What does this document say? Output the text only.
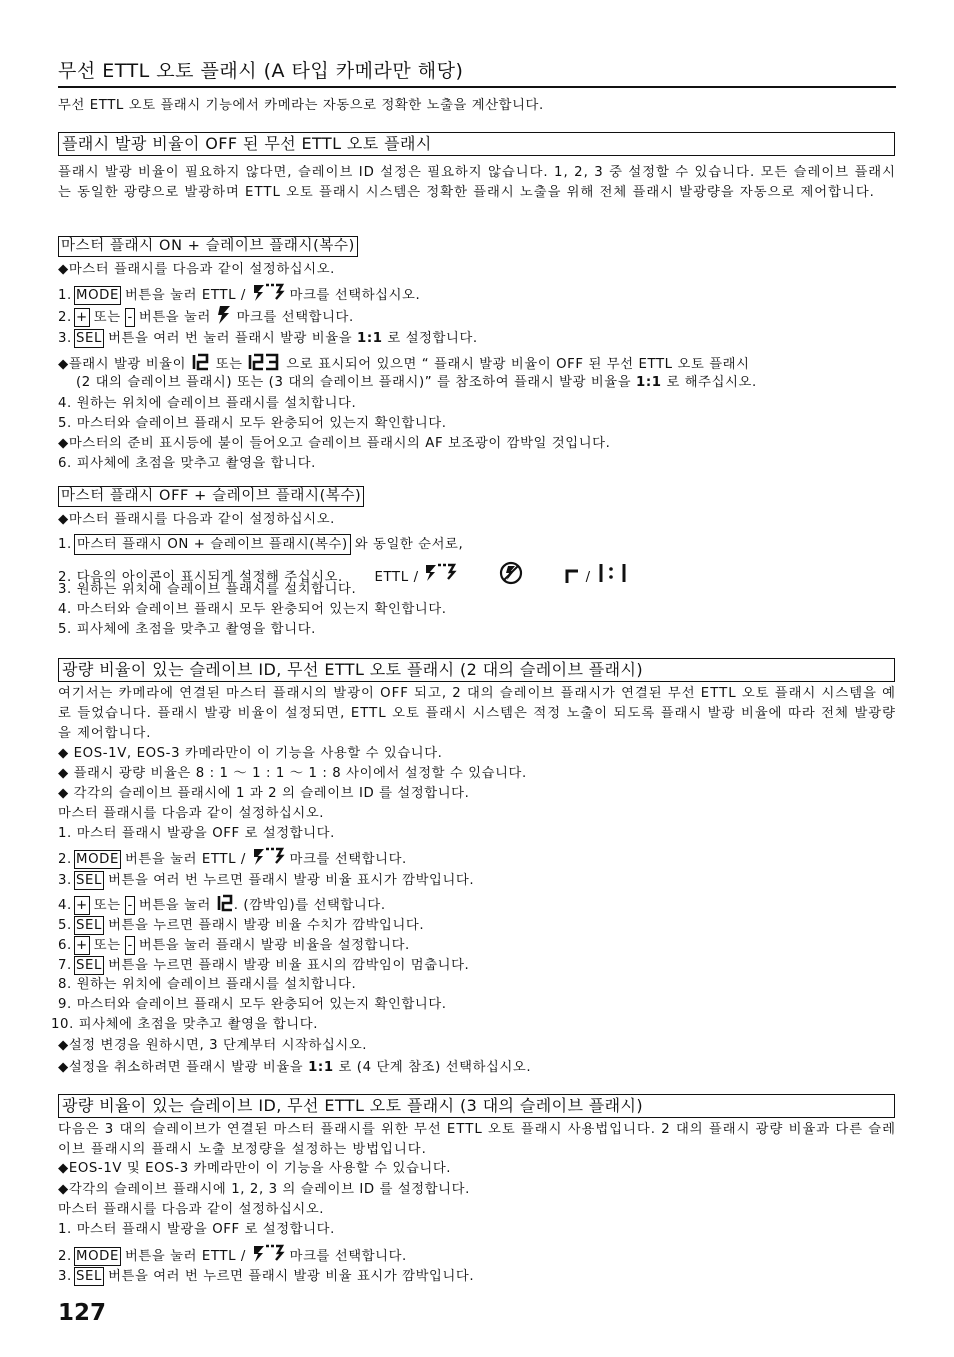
무선 ETTL 오토 플래시 (A 타입 카메라만 해당)
무선 ETTL 오토 플래시 기능에서 카메라는 자동으로 정확한 노출을 계산합니다.
플래시 발광 비율이 OFF 된 무선 ETTL 오토 플래시
플래시 발광 비율이 필요하지 않다면, 슬레이브 ID 설정은 필요하지 않습니다. 1, 2, 3 중 설정할 수 있습니다. 모든 슬레이브 플래시는 동일한 광량으로 발광하며 ETTL 오토 플래시 시스템은 정확한 플래시 노출을 위해 전체 플래시 발광량을 자동으로 제어합니다.
마스터 플래시 ON + 슬레이브 플래시(복수)
◆마스터 플래시를 다음과 같이 설정하십시오.
1. MODE 버튼을 눌러 ETTL /	마크를 선택하십시오.
2. + 또는 - 버튼을 눌러 마크를 선택합니다.
3. SEL 버튼을 여러 번 눌러 플래시 발광 비율을 1:1 로 설정합니다.
◆플래시 발광 비율이 또는	으로 표시되어 있으면 “ 플래시 발광 비율이 OFF 된 무선 ETTL 오토 플래시
(2 대의 슬레이브 플래시) 또는 (3 대의 슬레이브 플래시)” 를 참조하여 플래시 발광 비율을 1:1 로 해주십시오.
4. 원하는 위치에 슬레이브 플래시를 설치합니다.
5. 마스터와 슬레이브 플래시 모두 완충되어 있는지 확인합니다.
◆마스터의 준비 표시등에 불이 들어오고 슬레이브 플래시의 AF 보조광이 깜박일 것입니다.
6. 피사체에 초점을 맞추고 촬영을 합니다.
마스터 플래시 OFF + 슬레이브 플래시(복수)
◆마스터 플래시를 다음과 같이 설정하십시오.
1. 마스터 플래시 ON + 슬레이브 플래시(복수) 와 동일한 순서로,
2. 다음의 아이콘이 표시되게 설정해 주십시오. ETTL /	/
3. 원하는 위치에 슬레이브 플래시를 설치합니다.
4. 마스터와 슬레이브 플래시 모두 완충되어 있는지 확인합니다.
5. 피사체에 초점을 맞추고 촬영을 합니다.
광량 비율이 있는 슬레이브 ID, 무선 ETTL 오토 플래시 (2 대의 슬레이브 플래시)
여기서는 카메라에 연결된 마스터 플래시의 발광이 OFF 되고, 2 대의 슬레이브 플래시가 연결된 무선 ETTL 오토 플래시 시스템을 예로 들었습니다. 플래시 발광 비율이 설정되면, ETTL 오토 플래시 시스템은 적정 노출이 되도록 플래시 발광 비율에 따라 전체 발광량을 제어합니다.
◆ EOS-1V, EOS-3 카메라만이 이 기능을 사용할 수 있습니다.
◆ 플래시 광량 비율은 8 : 1 ～ 1 : 1 ～ 1 : 8 사이에서 설정할 수 있습니다.
◆ 각각의 슬레이브 플래시에 1 과 2 의 슬레이브 ID 를 설정합니다.
마스터 플래시를 다음과 같이 설정하십시오.
1. 마스터 플래시 발광을 OFF 로 설정합니다.
2. MODE 버튼을 눌러 ETTL /	마크를 선택합니다.
3. SEL 버튼을 여러 번 누르면 플래시 발광 비율 표시가 깜박입니다.
4. + 또는 - 버튼을 눌러 . (깜박임)를 선택합니다.
5. SEL 버튼을 누르면 플래시 발광 비율 수치가 깜박입니다.
6. + 또는 - 버튼을 눌러 플래시 발광 비율을 설정합니다.
7. SEL 버튼을 누르면 플래시 발광 비율 표시의 깜박임이 멈춥니다.
8. 원하는 위치에 슬레이브 플래시를 설치합니다.
9. 마스터와 슬레이브 플래시 모두 완충되어 있는지 확인합니다.
10. 피사체에 초점을 맞추고 촬영을 합니다.
◆설정 변경을 원하시면, 3 단계부터 시작하십시오.
◆설정을 취소하려면 플래시 발광 비율을 1:1 로 (4 단계 참조) 선택하십시오.
광량 비율이 있는 슬레이브 ID, 무선 ETTL 오토 플래시 (3 대의 슬레이브 플래시)
다음은 3 대의 슬레이브가 연결된 마스터 플래시를 위한 무선 ETTL 오토 플래시 사용법입니다. 2 대의 플래시 광량 비율과 다른 슬레이브 플래시의 플래시 노출 보정량을 설정하는 방법입니다.
◆EOS-1V 및 EOS-3 카메라만이 이 기능을 사용할 수 있습니다.
◆각각의 슬레이브 플래시에 1, 2, 3 의 슬레이브 ID 를 설정합니다.
마스터 플래시를 다음과 같이 설정하십시오.
1. 마스터 플래시 발광을 OFF 로 설정합니다.
2. MODE 버튼을 눌러 ETTL /	마크를 선택합니다.
3. SEL 버튼을 여러 번 누르면 플래시 발광 비율 표시가 깜박입니다.
127
